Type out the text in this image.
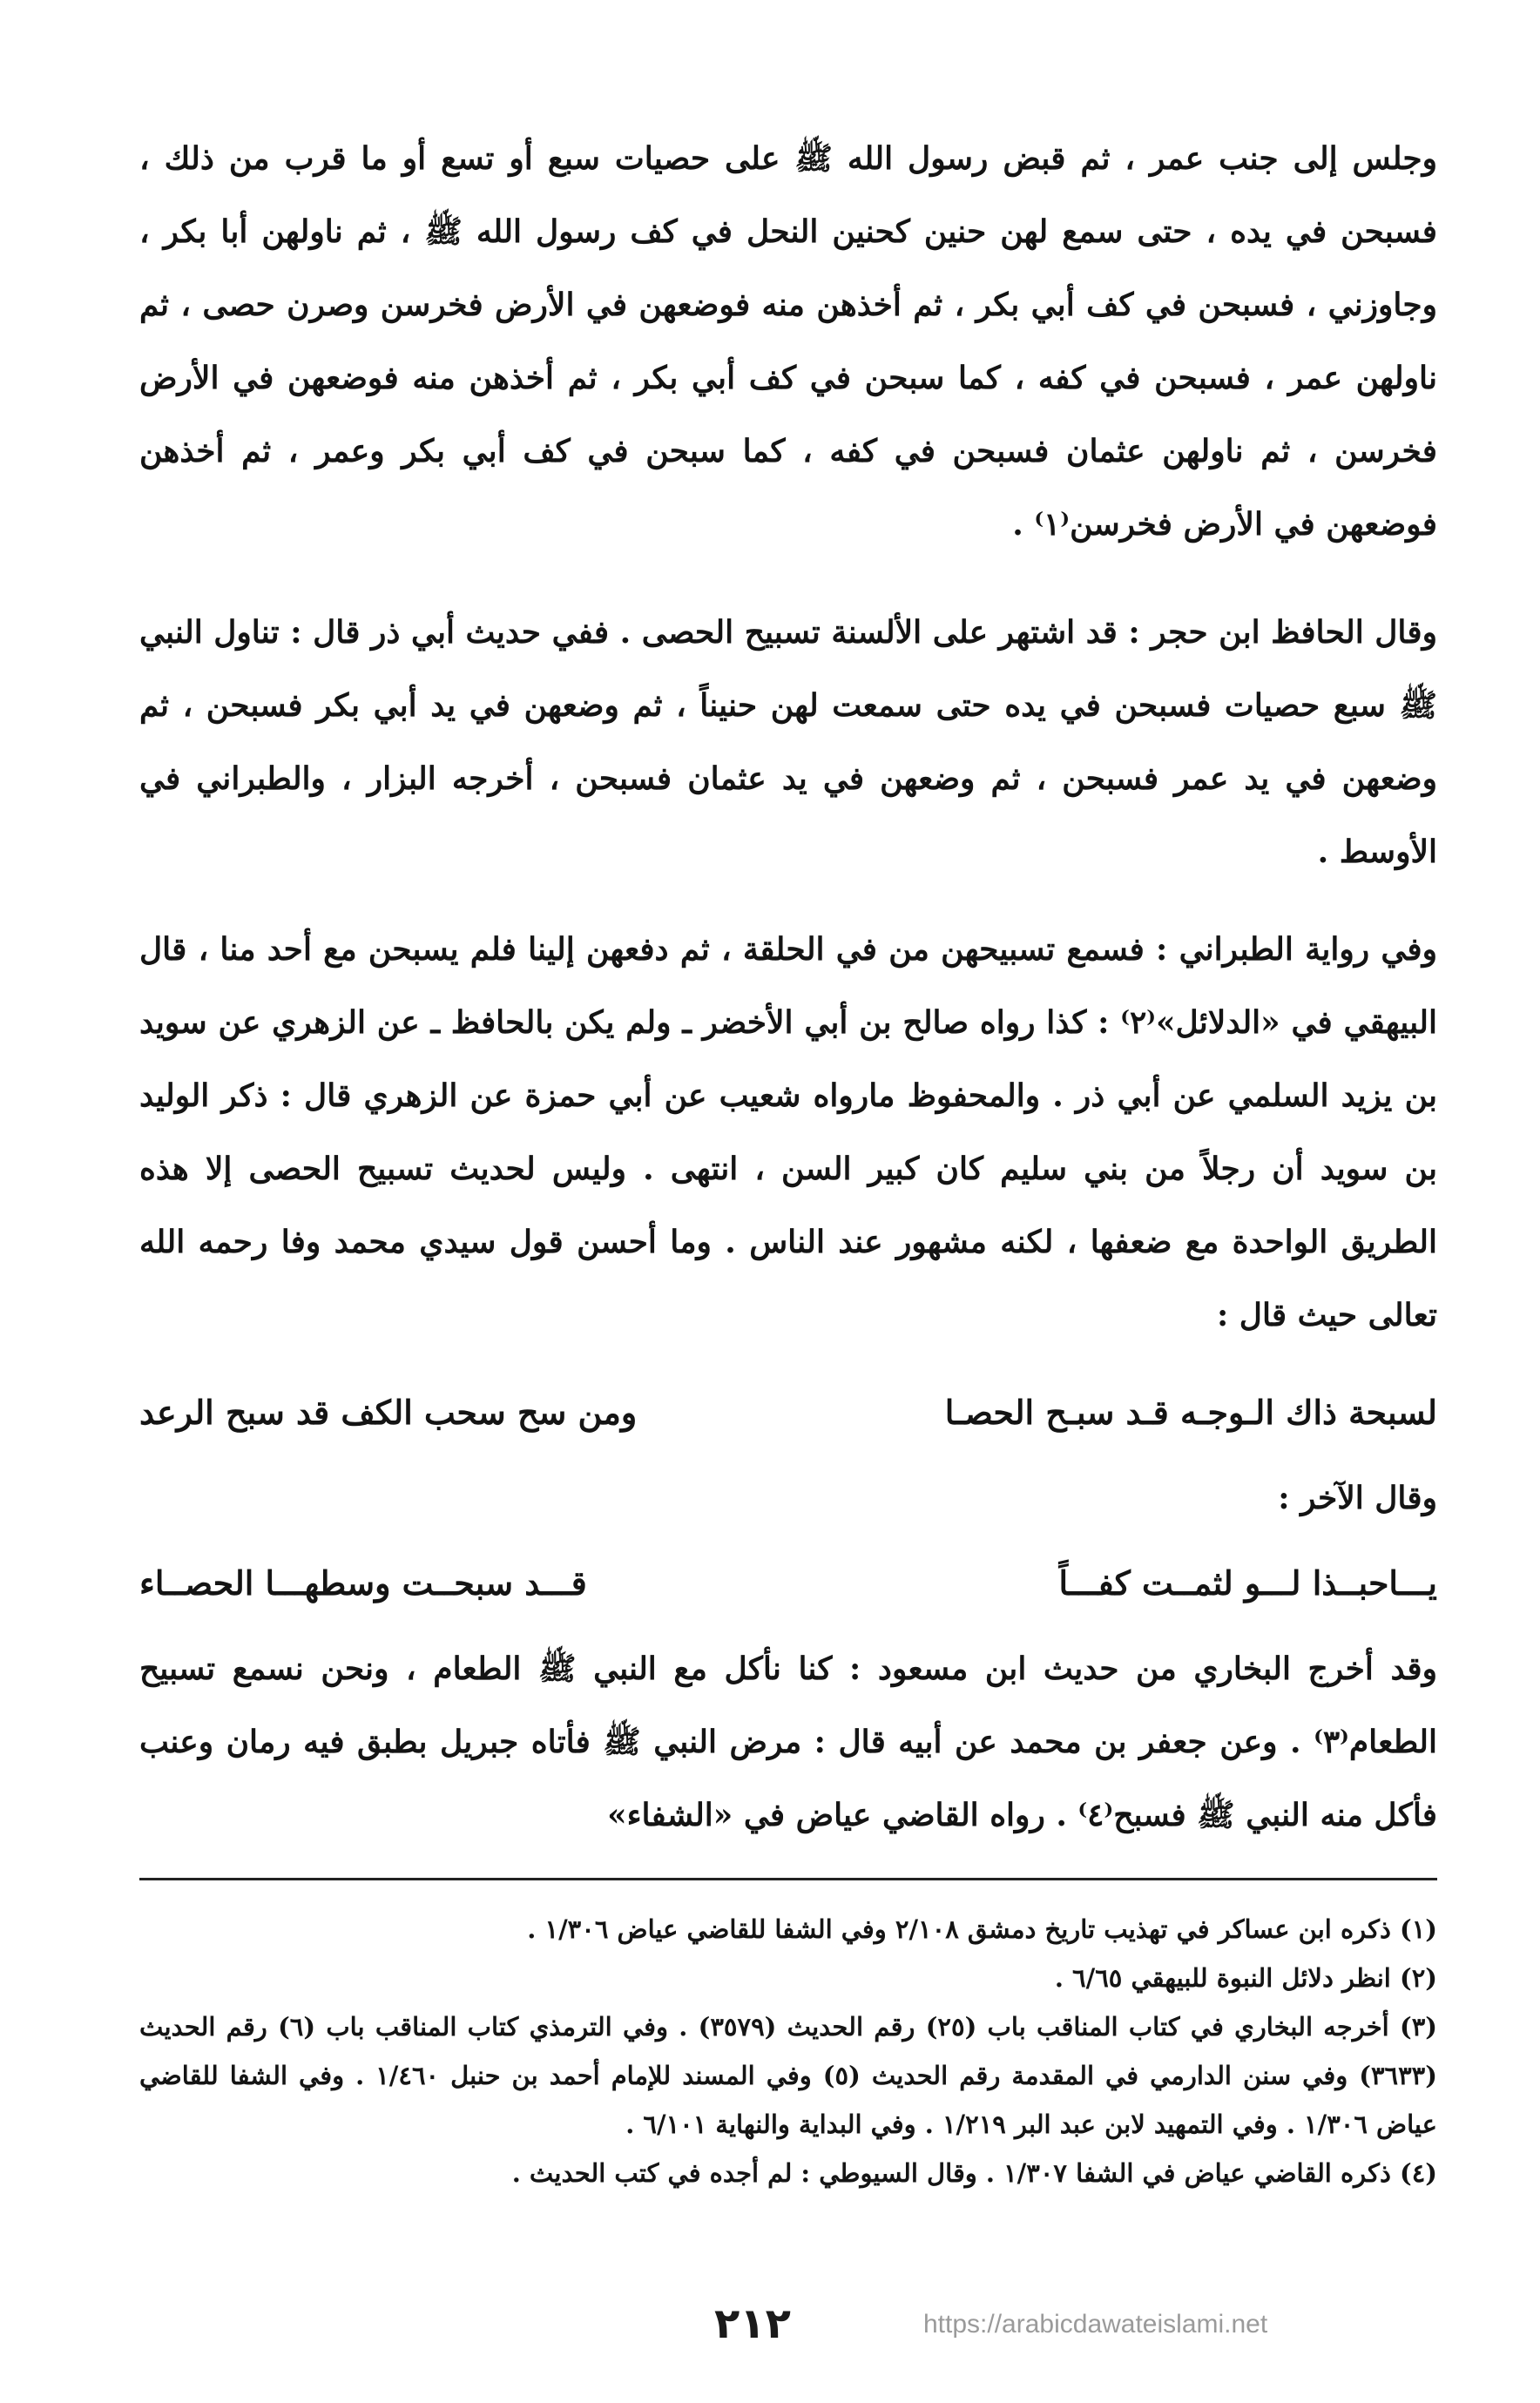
وجلس إلى جنب عمر ، ثم قبض رسول الله ﷺ على حصيات سبع أو تسع أو ما قرب من ذلك ، فسبحن في يده ، حتى سمع لهن حنين كحنين النحل في كف رسول الله ﷺ ، ثم ناولهن أبا بكر ، وجاوزني ، فسبحن في كف أبي بكر ، ثم أخذهن منه فوضعهن في الأرض فخرسن وصرن حصى ، ثم ناولهن عمر ، فسبحن في كفه ، كما سبحن في كف أبي بكر ، ثم أخذهن منه فوضعهن في الأرض فخرسن ، ثم ناولهن عثمان فسبحن في كفه ، كما سبحن في كف أبي بكر وعمر ، ثم أخذهن فوضعهن في الأرض فخرسن⁽١⁾ .

وقال الحافظ ابن حجر : قد اشتهر على الألسنة تسبيح الحصى . ففي حديث أبي ذر قال : تناول النبي ﷺ سبع حصيات فسبحن في يده حتى سمعت لهن حنيناً ، ثم وضعهن في يد أبي بكر فسبحن ، ثم وضعهن في يد عمر فسبحن ، ثم وضعهن في يد عثمان فسبحن ، أخرجه البزار ، والطبراني في الأوسط .

وفي رواية الطبراني : فسمع تسبيحهن من في الحلقة ، ثم دفعهن إلينا فلم يسبحن مع أحد منا ، قال البيهقي في «الدلائل»⁽٢⁾ : كذا رواه صالح بن أبي الأخضر ـ ولم يكن بالحافظ ـ عن الزهري عن سويد بن يزيد السلمي عن أبي ذر . والمحفوظ مارواه شعيب عن أبي حمزة عن الزهري قال : ذكر الوليد بن سويد أن رجلاً من بني سليم كان كبير السن ، انتهى . وليس لحديث تسبيح الحصى إلا هذه الطريق الواحدة مع ضعفها ، لكنه مشهور عند الناس . وما أحسن قول سيدي محمد وفا رحمه الله تعالى حيث قال :

لسبحة ذاك الـوجـه قـد سبـح الحصـا
ومن سح سحب الكف قد سبح الرعد

وقال الآخر :

يـــاحبــذا لـــو لثمــت كفـــاً
قـــد سبحــت وسطهـــا الحصــاء

وقد أخرج البخاري من حديث ابن مسعود : كنا نأكل مع النبي ﷺ الطعام ، ونحن نسمع تسبيح الطعام⁽٣⁾ . وعن جعفر بن محمد عن أبيه قال : مرض النبي ﷺ فأتاه جبريل بطبق فيه رمان وعنب فأكل منه النبي ﷺ فسبح⁽٤⁾ . رواه القاضي عياض في «الشفاء»

(١) ذكره ابن عساكر في تهذيب تاريخ دمشق ٢/١٠٨ وفي الشفا للقاضي عياض ١/٣٠٦ .

(٢) انظر دلائل النبوة للبيهقي ٦/٦٥ .

(٣) أخرجه البخاري في كتاب المناقب باب (٢٥) رقم الحديث (٣٥٧٩) . وفي الترمذي كتاب المناقب باب (٦) رقم الحديث (٣٦٣٣) وفي سنن الدارمي في المقدمة رقم الحديث (٥) وفي المسند للإمام أحمد بن حنبل ١/٤٦٠ . وفي الشفا للقاضي عياض ١/٣٠٦ . وفي التمهيد لابن عبد البر ١/٢١٩ . وفي البداية والنهاية ٦/١٠١ .

(٤) ذكره القاضي عياض في الشفا ١/٣٠٧ . وقال السيوطي : لم أجده في كتب الحديث .

٢١٢	https://arabicdawateislami.net
